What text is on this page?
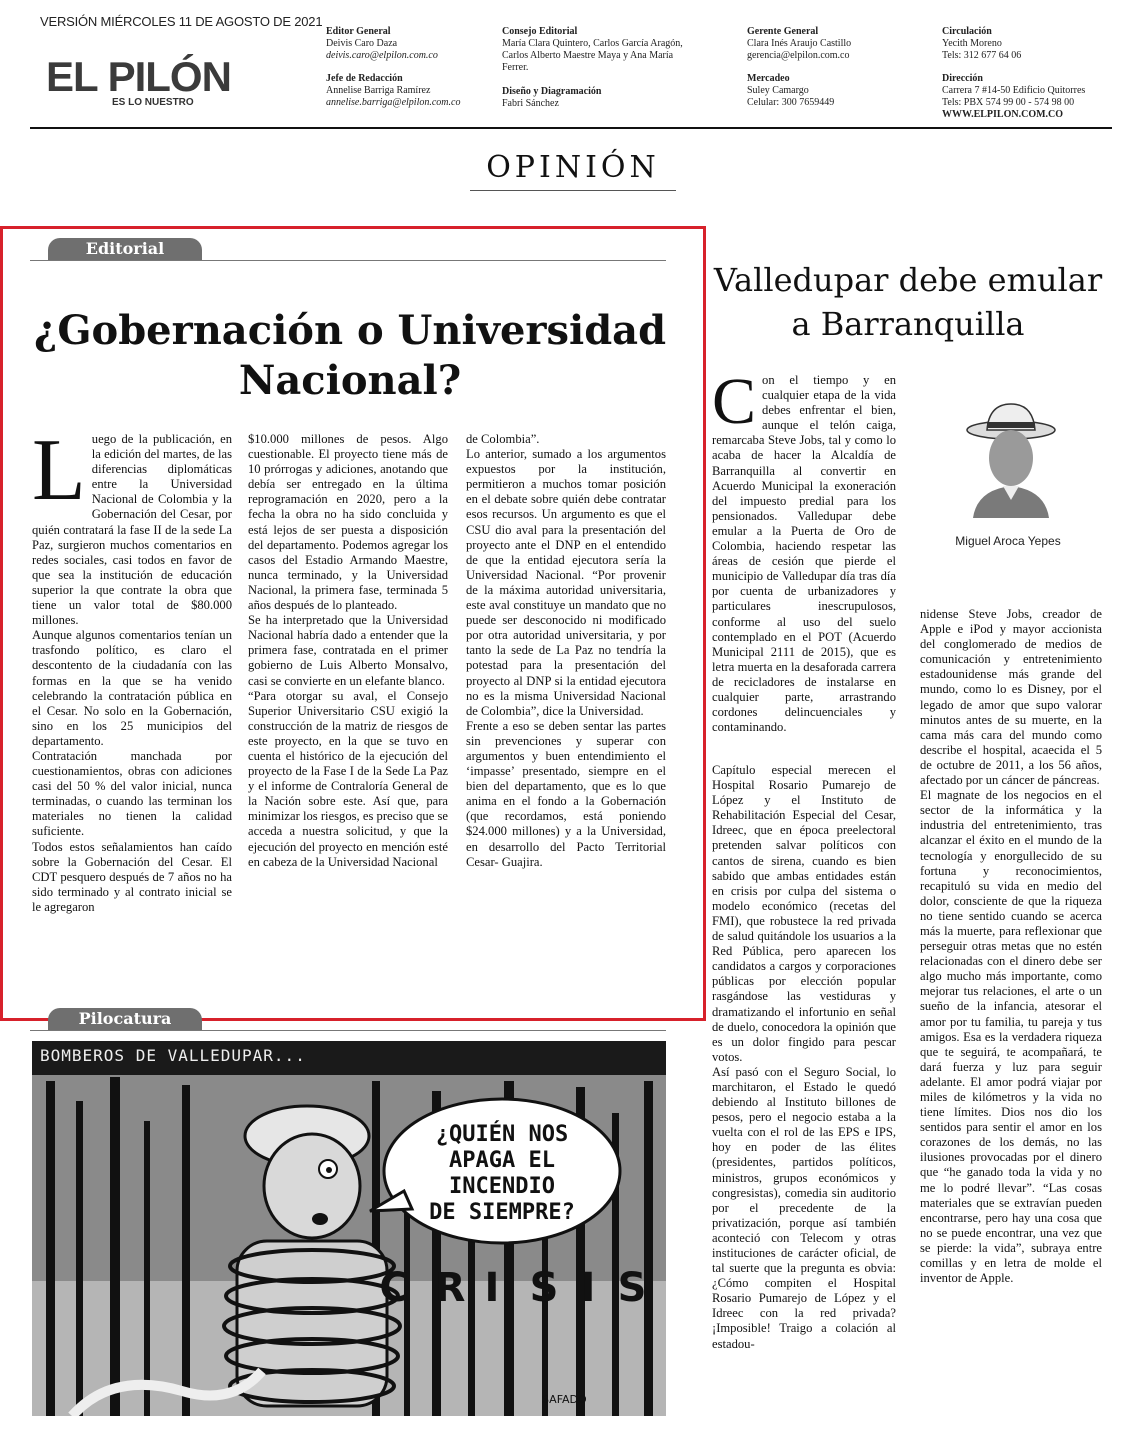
VERSIÓN MIÉRCOLES 11 DE AGOSTO DE 2021
EL PILÓN
ES LO NUESTRO
Editor General
Deivis Caro Daza
deivis.caro@elpilon.com.co
Jefe de Redacción
Annelise Barriga Ramírez
annelise.barriga@elpilon.com.co
Consejo Editorial
María Clara Quintero, Carlos García Aragón,
Carlos Alberto Maestre Maya y Ana María
Ferrer.
Diseño y Diagramación
Fabri Sánchez
Gerente General
Clara Inés Araujo Castillo
gerencia@elpilon.com.co
Mercadeo
Suley Camargo
Celular: 300 7659449
Circulación
Yecith Moreno
Tels: 312 677 64 06
Dirección
Carrera 7 #14-50 Edificio Quitorres
Tels: PBX 574 99 00 - 574 98 00
WWW.ELPILON.COM.CO
OPINIÓN
Editorial
¿Gobernación o Universidad
Nacional?
L uego de la publicación, en la edición del martes, de las diferencias diplomáticas entre la Universidad Nacional de Colombia y la Gobernación del Cesar, por quién contratará la fase II de la sede La Paz, surgieron muchos comentarios en redes sociales, casi todos en favor de que sea la institución de educación superior la que contrate la obra que tiene un valor total de $80.000 millones.

Aunque algunos comentarios tenían un trasfondo político, es claro el descontento de la ciudadanía con las formas en la que se ha venido celebrando la contratación pública en el Cesar. No solo en la Gobernación, sino en los 25 municipios del departamento.

Contratación manchada por cuestionamientos, obras con adiciones casi del 50 % del valor inicial, nunca terminadas, o cuando las terminan los materiales no tienen la calidad suficiente.

Todos estos señalamientos han caído sobre la Gobernación del Cesar. El CDT pesquero después de 7 años no ha sido terminado y al contrato inicial se le agregaron

$10.000 millones de pesos. Algo cuestionable. El proyecto tiene más de 10 prórrogas y adiciones, anotando que debía ser entregado en la última reprogramación en 2020, pero a la fecha la obra no ha sido concluida y está lejos de ser puesta a disposición del departamento. Podemos agregar los casos del Estadio Armando Maestre, nunca terminado, y la Universidad Nacional, la primera fase, terminada 5 años después de lo planteado.

Se ha interpretado que la Universidad Nacional habría dado a entender que la primera fase, contratada en el primer gobierno de Luis Alberto Monsalvo, casi se convierte en un elefante blanco.

“Para otorgar su aval, el Consejo Superior Universitario CSU exigió la construcción de la matriz de riesgos de este proyecto, en la que se tuvo en cuenta el histórico de la ejecución del proyecto de la Fase I de la Sede La Paz y el informe de Contraloría General de la Nación sobre este. Así que, para minimizar los riesgos, es preciso que se acceda a nuestra solicitud, y que la ejecución del proyecto en mención esté en cabeza de la Universidad Nacional

de Colombia”.

Lo anterior, sumado a los argumentos expuestos por la institución, permitieron a muchos tomar posición en el debate sobre quién debe contratar esos recursos. Un argumento es que el CSU dio aval para la presentación del proyecto ante el DNP en el entendido de que la entidad ejecutora sería la Universidad Nacional. “Por provenir de la máxima autoridad universitaria, este aval constituye un mandato que no puede ser desconocido ni modificado por otra autoridad universitaria, y por tanto la sede de La Paz no tendría la potestad para la presentación del proyecto al DNP si la entidad ejecutora no es la misma Universidad Nacional de Colombia”, dice la Universidad.

Frente a eso se deben sentar las partes sin prevenciones y superar con argumentos y buen entendimiento el ‘impasse’ presentado, siempre en el bien del departamento, que es lo que anima en el fondo a la Gobernación (que recordamos, está poniendo $24.000 millones) y a la Universidad, en desarrollo del Pacto Territorial Cesar- Guajira.

Pilocatura
¿QUIÉN NOS
APAGA EL
INCENDIO
DE SIEMPRE?
C R I S I S
SAFADO
BOMBEROS DE VALLEDUPAR...
Valledupar debe emular
a Barranquilla
Miguel Aroca Yepes
C on el tiempo y en cualquier etapa de la vida debes enfrentar el bien, aunque el telón caiga, remarcaba Steve Jobs, tal y como lo acaba de hacer la Alcaldía de Barranquilla al convertir en Acuerdo Municipal la exoneración del impuesto predial para los pensionados. Valledupar debe emular a la Puerta de Oro de Colombia, haciendo respetar las áreas de cesión que pierde el municipio de Valledupar día tras día por cuenta de urbanizadores y particulares inescrupulosos, conforme al uso del suelo contemplado en el POT (Acuerdo Municipal 2111 de 2015), que es letra muerta en la desaforada carrera de recicladores de instalarse en cualquier parte, arrastrando cordones delincuenciales y contaminando.

Capítulo especial merecen el Hospital Rosario Pumarejo de López y el Instituto de Rehabilitación Especial del Cesar, Idreec, que en época preelectoral pretenden salvar políticos con cantos de sirena, cuando es bien sabido que ambas entidades están en crisis por culpa del sistema o modelo económico (recetas del FMI), que robustece la red privada de salud quitándole los usuarios a la Red Pública, pero aparecen los candidatos a cargos y corporaciones públicas por elección popular rasgándose las vestiduras y dramatizando el infortunio en señal de duelo, conocedora la opinión que es un dolor fingido para pescar votos.

Así pasó con el Seguro Social, lo marchitaron, el Estado le quedó debiendo al Instituto billones de pesos, pero el negocio estaba a la vuelta con el rol de las EPS e IPS, hoy en poder de las élites (presidentes, partidos políticos, ministros, grupos económicos y congresistas), comedia sin auditorio por el precedente de la privatización, porque así también aconteció con Telecom y otras instituciones de carácter oficial, de tal suerte que la pregunta es obvia: ¿Cómo compiten el Hospital Rosario Pumarejo de López y el Idreec con la red privada? ¡Imposible! Traigo a colación al estadou-

nidense Steve Jobs, creador de Apple e iPod y mayor accionista del conglomerado de medios de comunicación y entretenimiento estadounidense más grande del mundo, como lo es Disney, por el legado de amor que supo valorar minutos antes de su muerte, en la cama más cara del mundo como describe el hospital, acaecida el 5 de octubre de 2011, a los 56 años, afectado por un cáncer de páncreas.

El magnate de los negocios en el sector de la informática y la industria del entretenimiento, tras alcanzar el éxito en el mundo de la tecnología y enorgullecido de su fortuna y reconocimientos, recapituló su vida en medio del dolor, consciente de que la riqueza no tiene sentido cuando se acerca más la muerte, para reflexionar que perseguir otras metas que no estén relacionadas con el dinero debe ser algo mucho más importante, como mejorar tus relaciones, el arte o un sueño de la infancia, atesorar el amor por tu familia, tu pareja y tus amigos. Esa es la verdadera riqueza que te seguirá, te acompañará, te dará fuerza y luz para seguir adelante. El amor podrá viajar por miles de kilómetros y la vida no tiene límites. Dios nos dio los sentidos para sentir el amor en los corazones de los demás, no las ilusiones provocadas por el dinero que “he ganado toda la vida y no me lo podré llevar”. “Las cosas materiales que se extravían pueden encontrarse, pero hay una cosa que no se puede encontrar, una vez que se pierde: la vida”, subraya entre comillas y en letra de molde el inventor de Apple.
